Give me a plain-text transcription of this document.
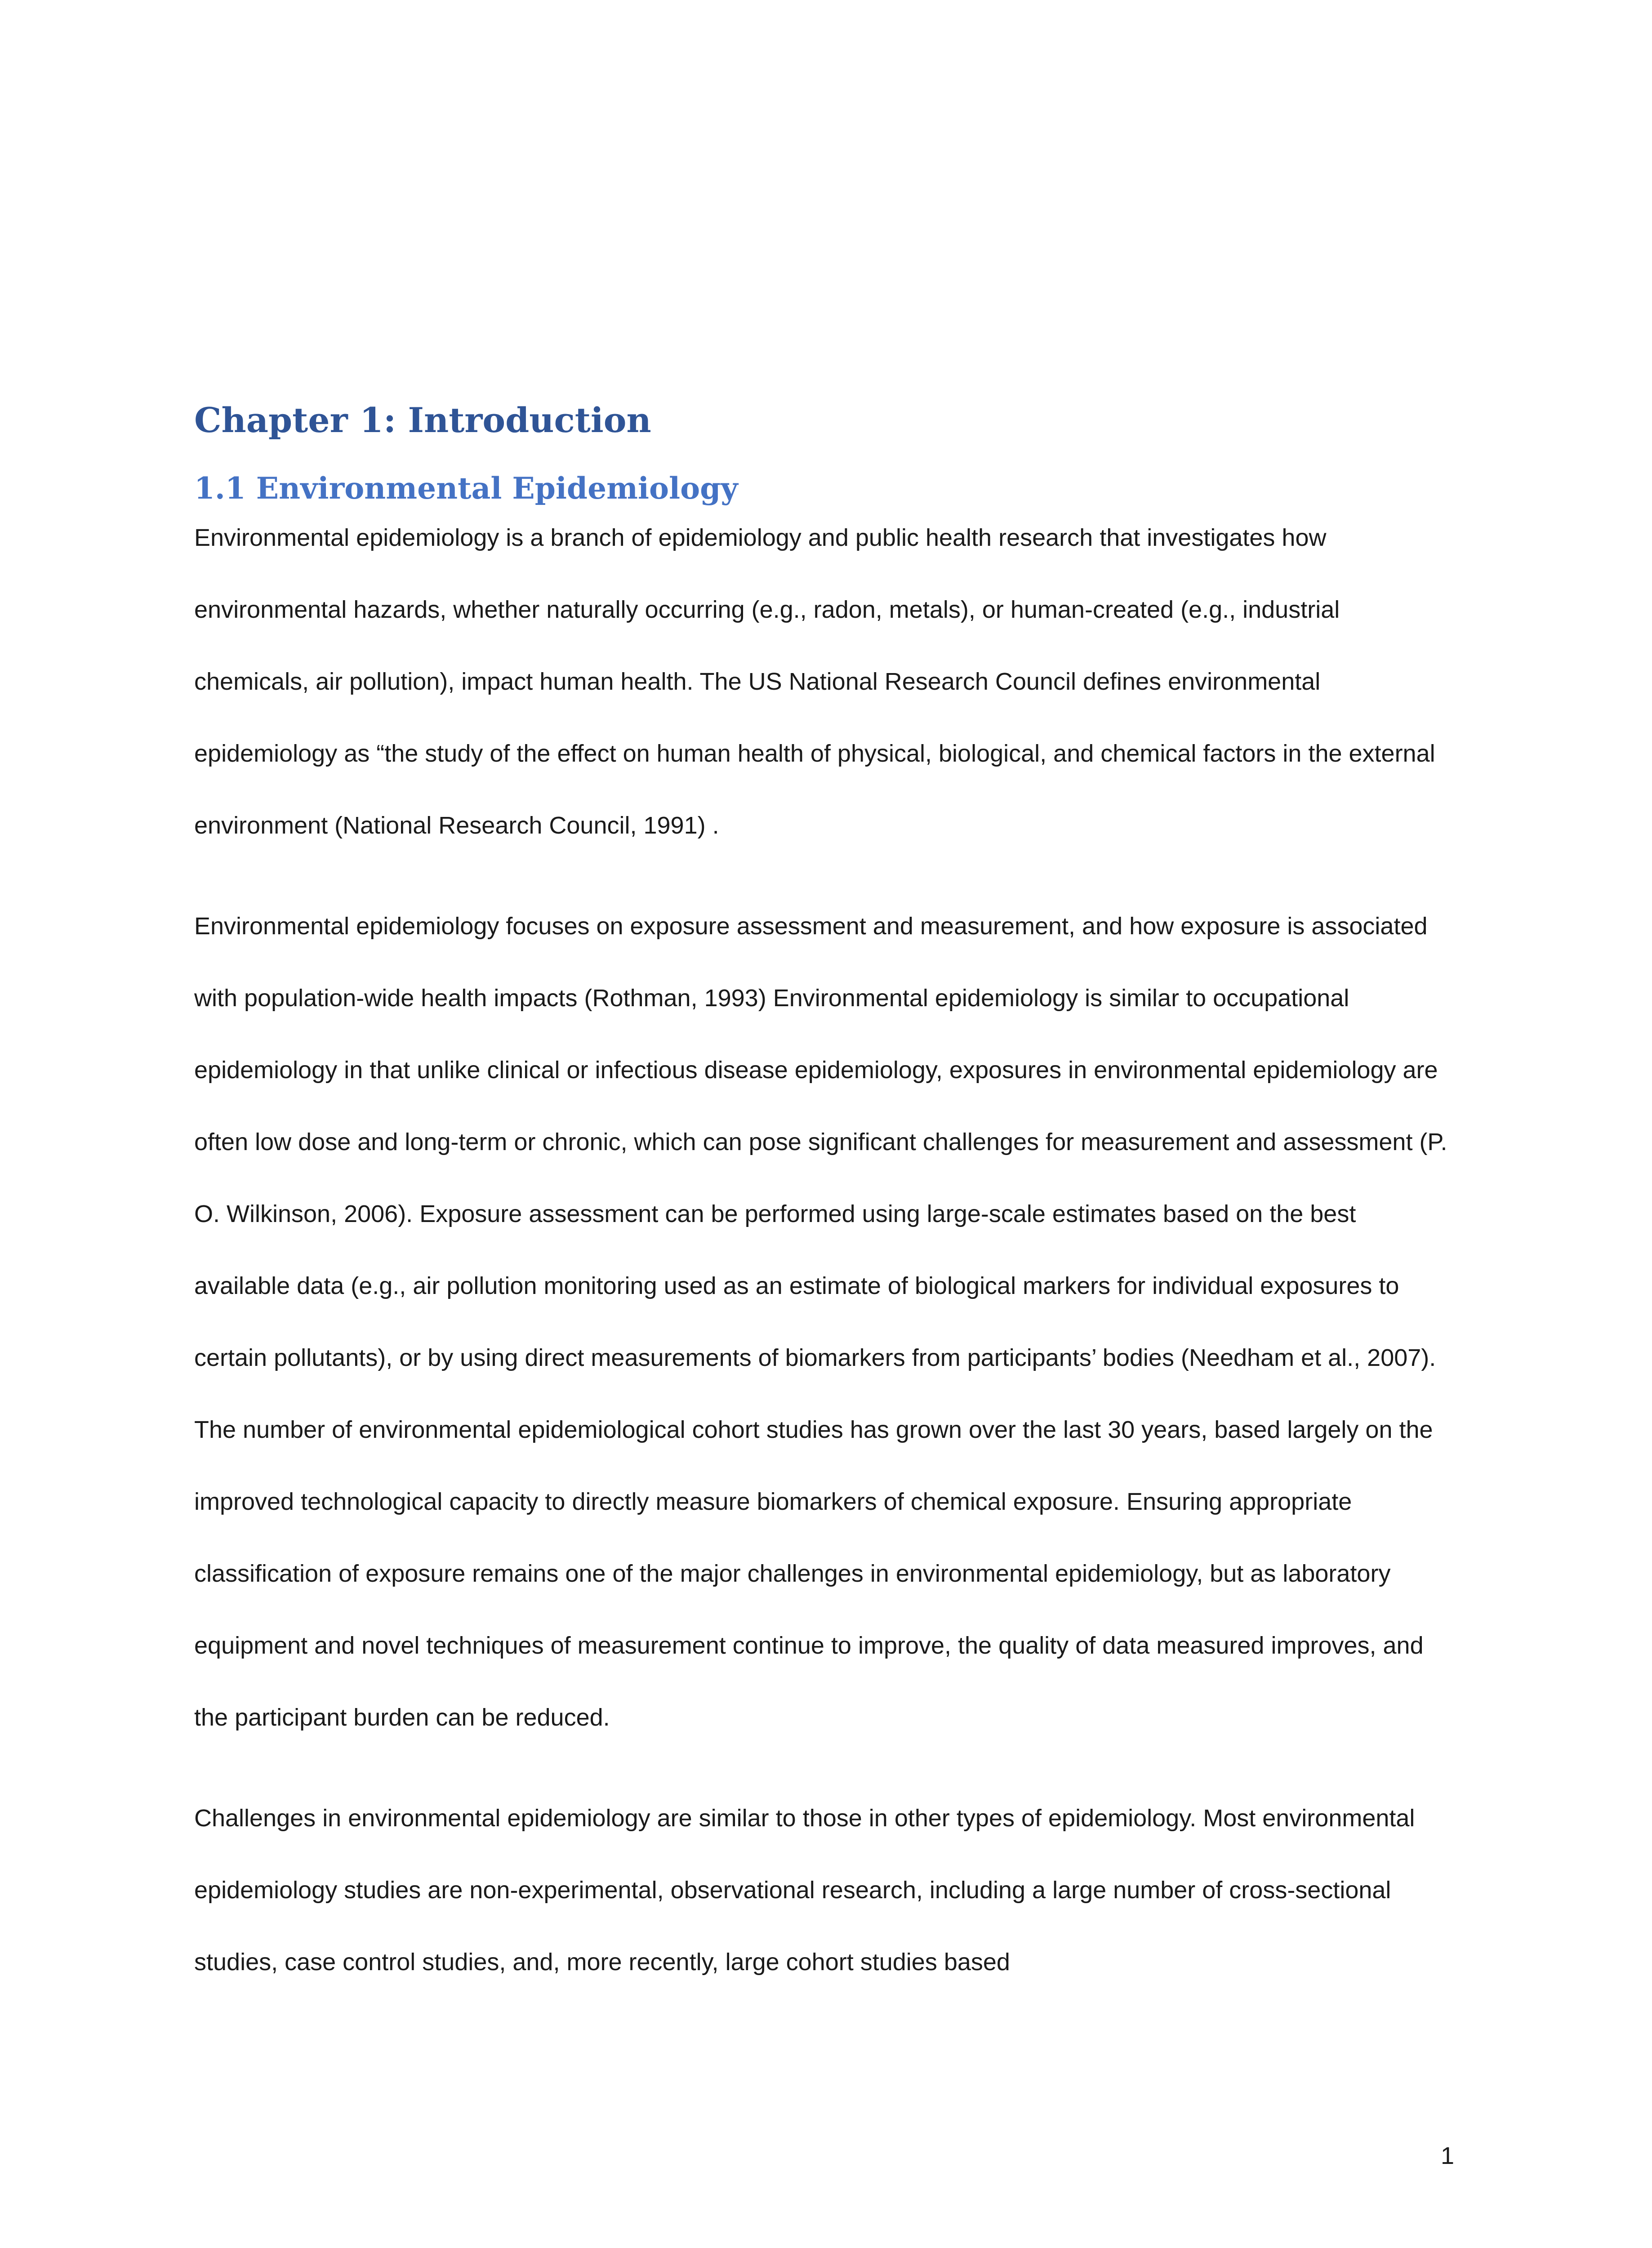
Chapter 1: Introduction
1.1 Environmental Epidemiology

Environmental epidemiology is a branch of epidemiology and public health research that investigates how environmental hazards, whether naturally occurring (e.g., radon, metals), or human-created (e.g., industrial chemicals, air pollution), impact human health. The US National Research Council defines environmental epidemiology as “the study of the effect on human health of physical, biological, and chemical factors in the external environment (National Research Council, 1991) .

Environmental epidemiology focuses on exposure assessment and measurement, and how exposure is associated with population-wide health impacts (Rothman, 1993) Environmental epidemiology is similar to occupational epidemiology in that unlike clinical or infectious disease epidemiology, exposures in environmental epidemiology are often low dose and long-term or chronic, which can pose significant challenges for measurement and assessment (P. O. Wilkinson, 2006). Exposure assessment can be performed using large-scale estimates based on the best available data (e.g., air pollution monitoring used as an estimate of biological markers for individual exposures to certain pollutants), or by using direct measurements of biomarkers from participants’ bodies (Needham et al., 2007). The number of environmental epidemiological cohort studies has grown over the last 30 years, based largely on the improved technological capacity to directly measure biomarkers of chemical exposure. Ensuring appropriate classification of exposure remains one of the major challenges in environmental epidemiology, but as laboratory equipment and novel techniques of measurement continue to improve, the quality of data measured improves, and the participant burden can be reduced.

Challenges in environmental epidemiology are similar to those in other types of epidemiology. Most environmental epidemiology studies are non-experimental, observational research, including a large number of cross-sectional studies, case control studies, and, more recently, large cohort studies based

1
